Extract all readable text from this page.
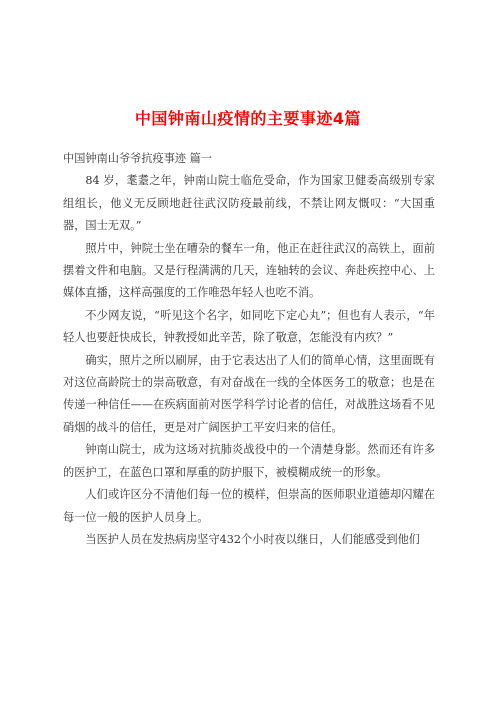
中国钟南山疫情的主要事迹4篇

中国钟南山爷爷抗疫事迹 篇一

84 岁，耄耋之年，钟南山院士临危受命，作为国家卫健委高级别专家组组长，他义无反顾地赶往武汉防疫最前线，不禁让网友慨叹：“大国重器，国士无双。”

照片中，钟院士坐在嘈杂的餐车一角，他正在赶往武汉的高铁上，面前摆着文件和电脑。又是行程满满的几天，连轴转的会议、奔赴疾控中心、上媒体直播，这样高强度的工作唯恐年轻人也吃不消。

不少网友说，“听见这个名字，如同吃下定心丸”；但也有人表示，“年轻人也要赶快成长，钟教授如此辛苦，除了敬意，怎能没有内疚？”

确实，照片之所以刷屏，由于它表达出了人们的简单心情，这里面既有对这位高龄院士的崇高敬意，有对奋战在一线的全体医务工的敬意；也是在传递一种信任——在疾病面前对医学科学讨论者的信任，对战胜这场看不见硝烟的战斗的信任，更是对广阔医护工平安归来的信任。

钟南山院士，成为这场对抗肺炎战役中的一个清楚身影。然而还有许多的医护工，在蓝色口罩和厚重的防护服下，被模糊成统一的形象。

人们或许区分不清他们每一位的模样，但崇高的医师职业道德却闪耀在每一位一般的医护人员身上。

当医护人员在发热病房坚守432个小时夜以继日，人们能感受到他们
